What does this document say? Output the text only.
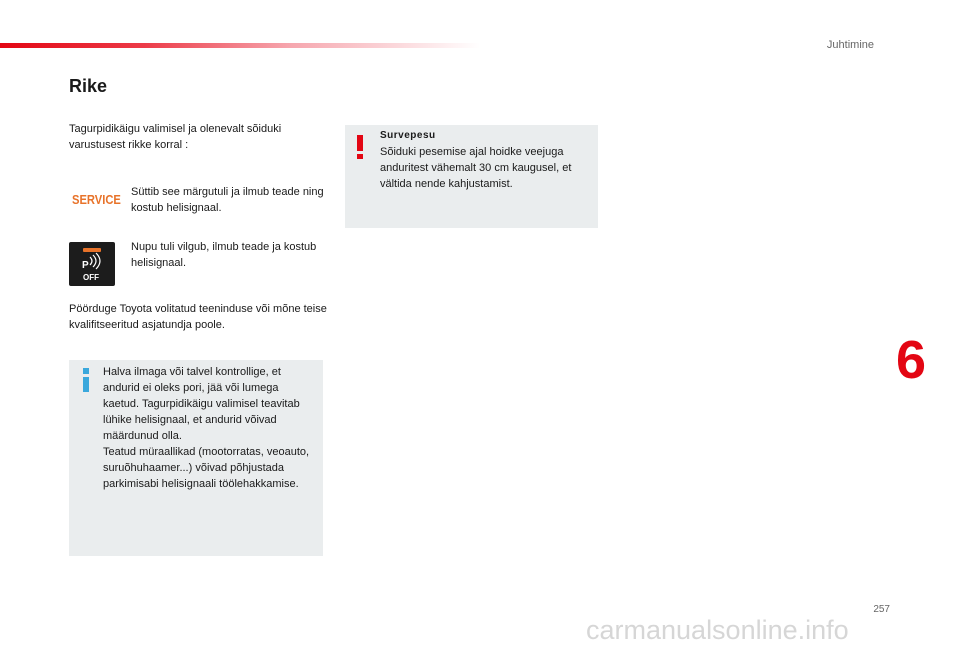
Juhtimine
Rike

Tagurpidikäigu valimisel ja olenevalt sõiduki varustusest rikke korral :

SERVICE Süttib see märgutuli ja ilmub teade ning kostub helisignaal.

P
OFF

Nupu tuli vilgub, ilmub teade ja kostub helisignaal.

Pöörduge Toyota volitatud teeninduse või mõne teise kvalifitseeritud asjatundja poole.

Halva ilmaga või talvel kontrollige, et andurid ei oleks pori, jää või lumega kaetud. Tagurpidikäigu valimisel teavitab lühike helisignaal, et andurid võivad määrdunud olla.
Teatud müraallikad (mootorratas, veoauto, suruõhuhaamer...) võivad põhjustada parkimisabi helisignaali töölehakkamise.

Survepesu

Sõiduki pesemise ajal hoidke veejuga anduritest vähemalt 30 cm kaugusel, et vältida nende kahjustamist.

6
257
carmanualsonline.info
